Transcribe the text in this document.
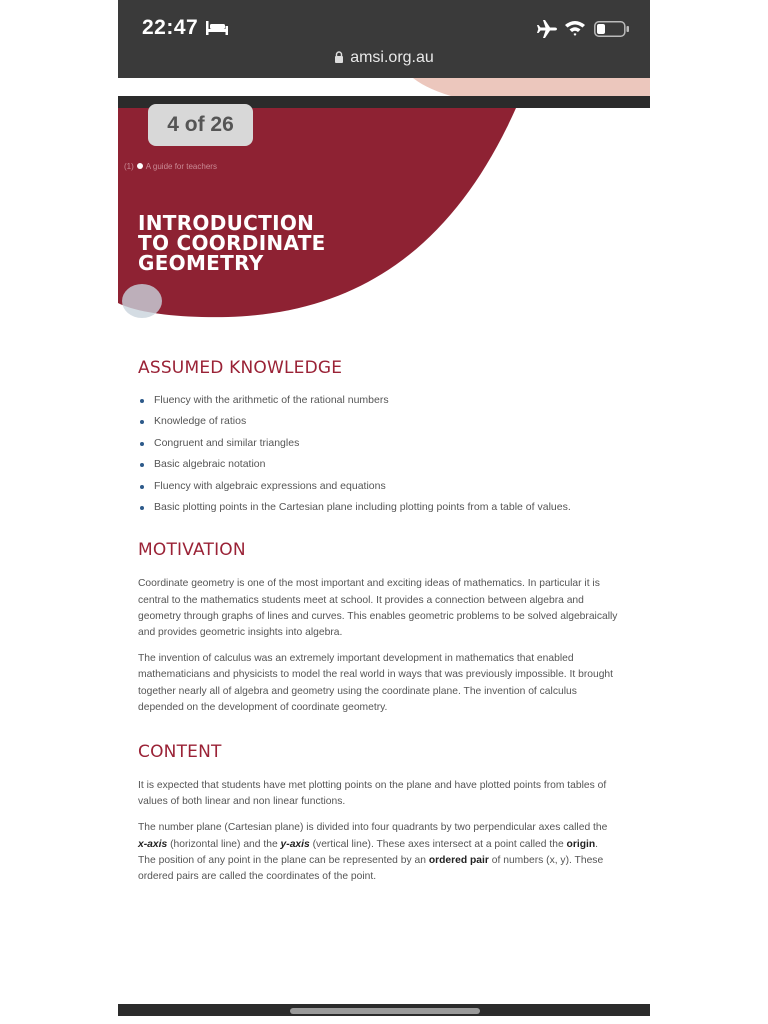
22:47
amsi.org.au
4 of 26
(1) A guide for teachers
INTRODUCTION
TO COORDINATE
GEOMETRY
ASSUMED KNOWLEDGE
Fluency with the arithmetic of the rational numbers
Knowledge of ratios
Congruent and similar triangles
Basic algebraic notation
Fluency with algebraic expressions and equations
Basic plotting points in the Cartesian plane including plotting points from a table of values.
MOTIVATION

Coordinate geometry is one of the most important and exciting ideas of mathematics. In particular it is central to the mathematics students meet at school. It provides a connection between algebra and geometry through graphs of lines and curves. This enables geometric problems to be solved algebraically and provides geometric insights into algebra.

The invention of calculus was an extremely important development in mathematics that enabled mathematicians and physicists to model the real world in ways that was previously impossible. It brought together nearly all of algebra and geometry using the coordinate plane. The invention of calculus depended on the development of coordinate geometry.

CONTENT

It is expected that students have met plotting points on the plane and have plotted points from tables of values of both linear and non linear functions.

The number plane (Cartesian plane) is divided into four quadrants by two perpendicular axes called the x-axis (horizontal line) and the y-axis (vertical line). These axes intersect at a point called the origin. The position of any point in the plane can be represented by an ordered pair of numbers (x, y). These ordered pairs are called the coordinates of the point.
